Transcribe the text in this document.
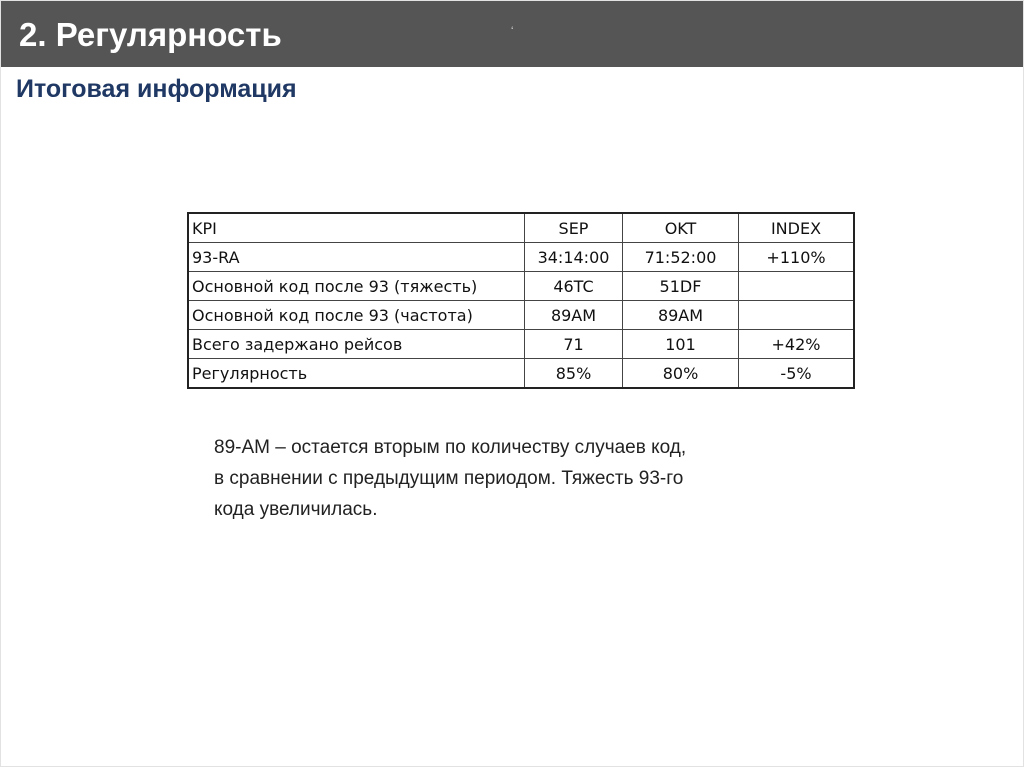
2. Регулярность	‘
Итоговая информация
KPI	SEP	OKT	INDEX
93-RA	34:14:00	71:52:00	+110%
Основной код после 93 (тяжесть)	46TC	51DF	
Основной код после 93 (частота)	89AM	89AM	
Всего задержано рейсов	71	101	+42%
Регулярность	85%	80%	-5%
89-AM – остается вторым по количеству случаев код,
в сравнении с предыдущим периодом. Тяжесть 93-го
кода увеличилась.
